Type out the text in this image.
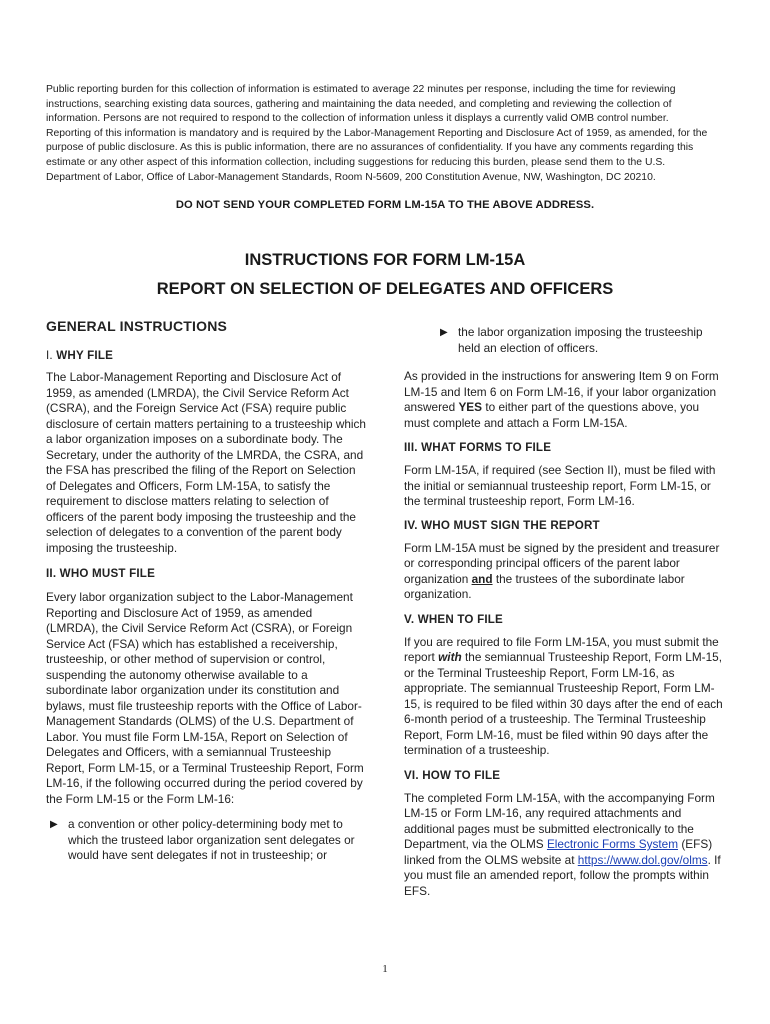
Public reporting burden for this collection of information is estimated to average 22 minutes per response, including the time for reviewing instructions, searching existing data sources, gathering and maintaining the data needed, and completing and reviewing the collection of information. Persons are not required to respond to the collection of information unless it displays a currently valid OMB control number. Reporting of this information is mandatory and is required by the Labor-Management Reporting and Disclosure Act of 1959, as amended, for the purpose of public disclosure. As this is public information, there are no assurances of confidentiality. If you have any comments regarding this estimate or any other aspect of this information collection, including suggestions for reducing this burden, please send them to the U.S. Department of Labor, Office of Labor-Management Standards, Room N-5609, 200 Constitution Avenue, NW, Washington, DC 20210.
DO NOT SEND YOUR COMPLETED FORM LM-15A TO THE ABOVE ADDRESS.
INSTRUCTIONS FOR FORM LM-15A
REPORT ON SELECTION OF DELEGATES AND OFFICERS
GENERAL INSTRUCTIONS
I. WHY FILE
The Labor-Management Reporting and Disclosure Act of 1959, as amended (LMRDA), the Civil Service Reform Act (CSRA), and the Foreign Service Act (FSA) require public disclosure of certain matters pertaining to a trusteeship which a labor organization imposes on a subordinate body. The Secretary, under the authority of the LMRDA, the CSRA, and the FSA has prescribed the filing of the Report on Selection of Delegates and Officers, Form LM-15A, to satisfy the requirement to disclose matters relating to selection of officers of the parent body imposing the trusteeship and the selection of delegates to a convention of the parent body imposing the trusteeship.
II. WHO MUST FILE
Every labor organization subject to the Labor-Management Reporting and Disclosure Act of 1959, as amended (LMRDA), the Civil Service Reform Act (CSRA), or Foreign Service Act (FSA) which has established a receivership, trusteeship, or other method of supervision or control, suspending the autonomy otherwise available to a subordinate labor organization under its constitution and bylaws, must file trusteeship reports with the Office of Labor-Management Standards (OLMS) of the U.S. Department of Labor. You must file Form LM-15A, Report on Selection of Delegates and Officers, with a semiannual Trusteeship Report, Form LM-15, or a Terminal Trusteeship Report, Form LM-16, if the following occurred during the period covered by the Form LM-15 or the Form LM-16:
▶ a convention or other policy-determining body met to which the trusteed labor organization sent delegates or would have sent delegates if not in trusteeship; or
▶ the labor organization imposing the trusteeship held an election of officers.
As provided in the instructions for answering Item 9 on Form LM-15 and Item 6 on Form LM-16, if your labor organization answered YES to either part of the questions above, you must complete and attach a Form LM-15A.
III. WHAT FORMS TO FILE
Form LM-15A, if required (see Section II), must be filed with the initial or semiannual trusteeship report, Form LM-15, or the terminal trusteeship report, Form LM-16.
IV. WHO MUST SIGN THE REPORT
Form LM-15A must be signed by the president and treasurer or corresponding principal officers of the parent labor organization and the trustees of the subordinate labor organization.
V. WHEN TO FILE
If you are required to file Form LM-15A, you must submit the report with the semiannual Trusteeship Report, Form LM-15, or the Terminal Trusteeship Report, Form LM-16, as appropriate. The semiannual Trusteeship Report, Form LM-15, is required to be filed within 30 days after the end of each 6-month period of a trusteeship. The Terminal Trusteeship Report, Form LM-16, must be filed within 90 days after the termination of a trusteeship.
VI. HOW TO FILE
The completed Form LM-15A, with the accompanying Form LM-15 or Form LM-16, any required attachments and additional pages must be submitted electronically to the Department, via the OLMS Electronic Forms System (EFS) linked from the OLMS website at https://www.dol.gov/olms. If you must file an amended report, follow the prompts within EFS.
1
